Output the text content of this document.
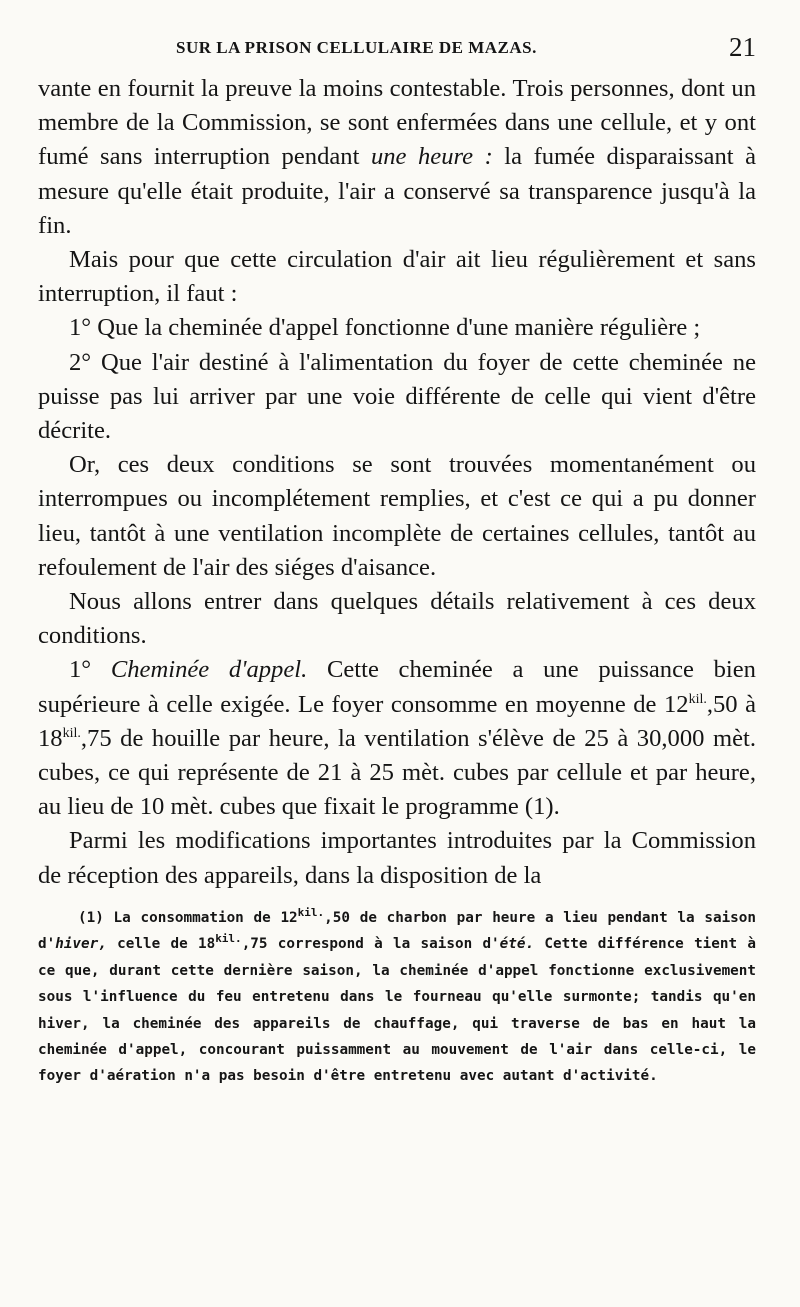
SUR LA PRISON CELLULAIRE DE MAZAS.	21

vante en fournit la preuve la moins contestable. Trois personnes, dont un membre de la Commission, se sont enfermées dans une cellule, et y ont fumé sans interruption pendant une heure : la fumée disparaissant à mesure qu'elle était produite, l'air a conservé sa transparence jusqu'à la fin.

Mais pour que cette circulation d'air ait lieu régulièrement et sans interruption, il faut :

1° Que la cheminée d'appel fonctionne d'une manière régulière ;

2° Que l'air destiné à l'alimentation du foyer de cette cheminée ne puisse pas lui arriver par une voie différente de celle qui vient d'être décrite.

Or, ces deux conditions se sont trouvées momentanément ou interrompues ou incomplétement remplies, et c'est ce qui a pu donner lieu, tantôt à une ventilation incomplète de certaines cellules, tantôt au refoulement de l'air des siéges d'aisance.

Nous allons entrer dans quelques détails relativement à ces deux conditions.

1° Cheminée d'appel. Cette cheminée a une puissance bien supérieure à celle exigée. Le foyer consomme en moyenne de $12^{kil.},50$ à $18^{kil.},75$ de houille par heure, la ventilation s'élève de 25 à 30,000 mèt. cubes, ce qui représente de 21 à 25 mèt. cubes par cellule et par heure, au lieu de 10 mèt. cubes que fixait le programme (1).

Parmi les modifications importantes introduites par la Commission de réception des appareils, dans la disposition de la

(1) La consommation de $12^{kil.},50$ de charbon par heure a lieu pendant la saison d'hiver, celle de $18^{kil.},75$ correspond à la saison d'été. Cette différence tient à ce que, durant cette dernière saison, la cheminée d'appel fonctionne exclusivement sous l'influence du feu entretenu dans le fourneau qu'elle surmonte; tandis qu'en hiver, la cheminée des appareils de chauffage, qui traverse de bas en haut la cheminée d'appel, concourant puissamment au mouvement de l'air dans celle-ci, le foyer d'aération n'a pas besoin d'être entretenu avec autant d'activité.
